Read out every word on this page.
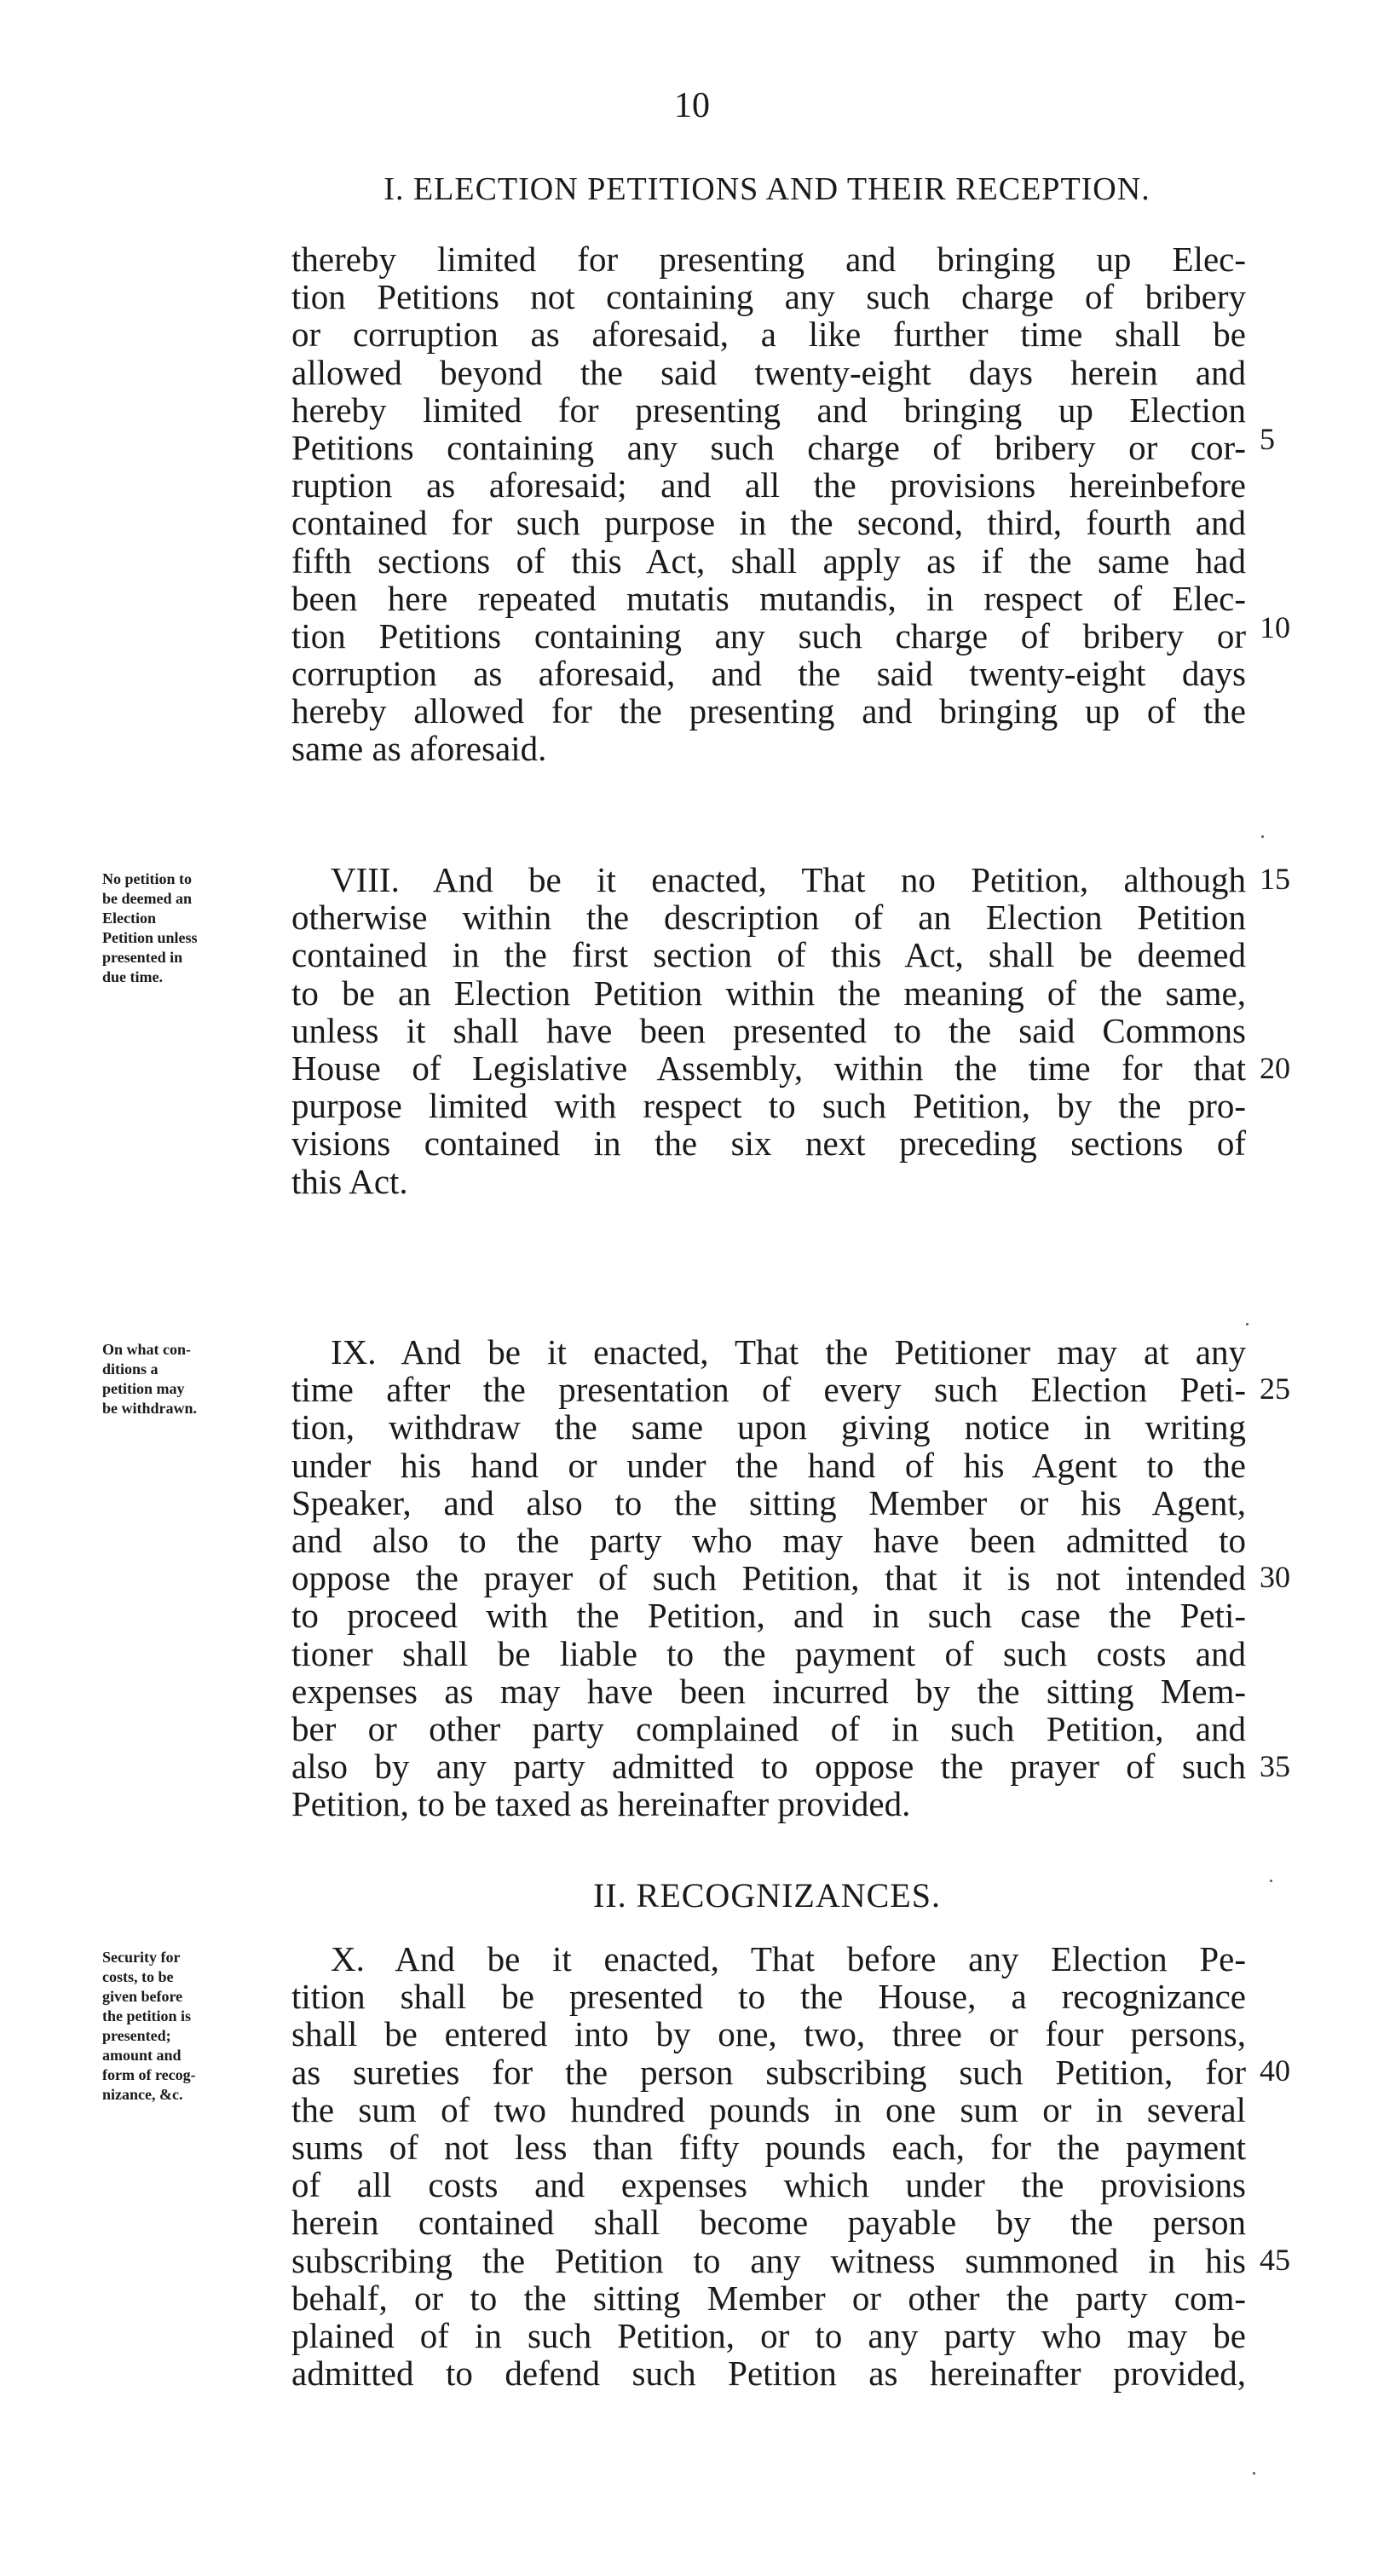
10
I. ELECTION PETITIONS AND THEIR RECEPTION.
thereby limited for presenting and bringing up Elec-
tion Petitions not containing any such charge of bribery
or corruption as aforesaid, a like further time shall be
allowed beyond the said twenty-eight days herein and
hereby limited for presenting and bringing up Election
Petitions containing any such charge of bribery or cor-
ruption as aforesaid; and all the provisions hereinbefore
contained for such purpose in the second, third, fourth and
fifth sections of this Act, shall apply as if the same had
been here repeated mutatis mutandis, in respect of Elec-
tion Petitions containing any such charge of bribery or
corruption as aforesaid, and the said twenty-eight days
hereby allowed for the presenting and bringing up of the
same as aforesaid.
No petition to
be deemed an
Election
Petition unless
presented in
due time.
VIII. And be it enacted, That no Petition, although
otherwise within the description of an Election Petition
contained in the first section of this Act, shall be deemed
to be an Election Petition within the meaning of the same,
unless it shall have been presented to the said Commons
House of Legislative Assembly, within the time for that
purpose limited with respect to such Petition, by the pro-
visions contained in the six next preceding sections of
this Act.
On what con-
ditions a
petition may
be withdrawn.
IX. And be it enacted, That the Petitioner may at any
time after the presentation of every such Election Peti-
tion, withdraw the same upon giving notice in writing
under his hand or under the hand of his Agent to the
Speaker, and also to the sitting Member or his Agent,
and also to the party who may have been admitted to
oppose the prayer of such Petition, that it is not intended
to proceed with the Petition, and in such case the Peti-
tioner shall be liable to the payment of such costs and
expenses as may have been incurred by the sitting Mem-
ber or other party complained of in such Petition, and
also by any party admitted to oppose the prayer of such
Petition, to be taxed as hereinafter provided.
II. RECOGNIZANCES.
Security for
costs, to be
given before
the petition is
presented;
amount and
form of recog-
nizance, &c.
X. And be it enacted, That before any Election Pe-
tition shall be presented to the House, a recognizance
shall be entered into by one, two, three or four persons,
as sureties for the person subscribing such Petition, for
the sum of two hundred pounds in one sum or in several
sums of not less than fifty pounds each, for the payment
of all costs and expenses which under the provisions
herein contained shall become payable by the person
subscribing the Petition to any witness summoned in his
behalf, or to the sitting Member or other the party com-
plained of in such Petition, or to any party who may be
admitted to defend such Petition as hereinafter provided,
5
10
15
20
25
30
35
40
45
